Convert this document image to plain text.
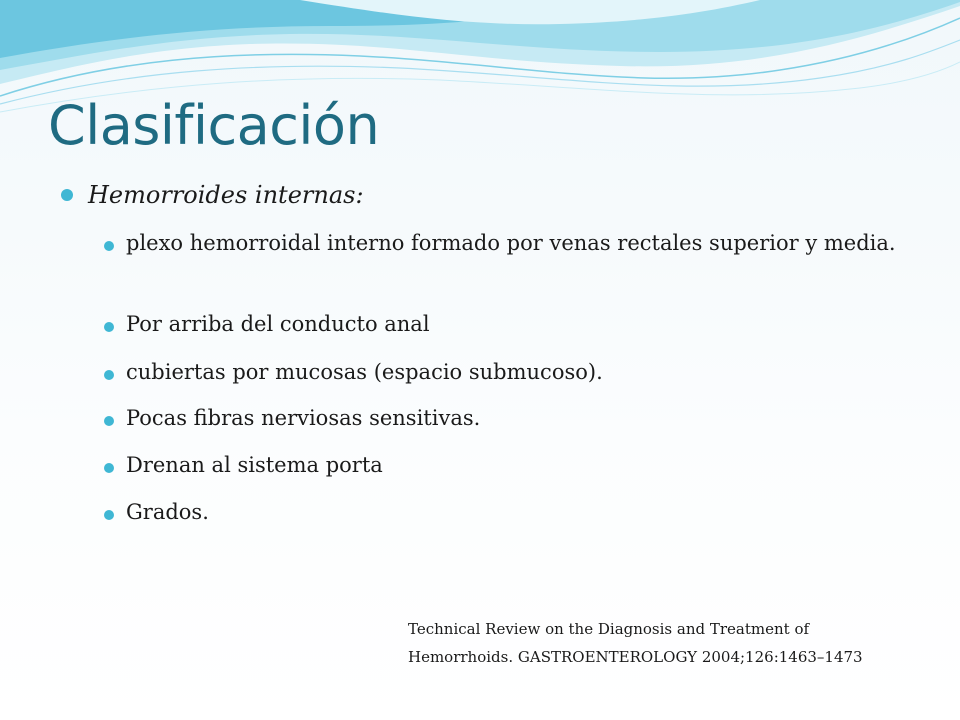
Clasificación
Hemorroides internas:
plexo hemorroidal interno formado por venas rectales superior y media.
Por arriba del conducto anal
cubiertas por mucosas (espacio submucoso).
Pocas fibras nerviosas sensitivas.
Drenan al sistema porta
Grados.
Technical Review on the Diagnosis and Treatment of Hemorrhoids. GASTROENTEROLOGY 2004;126:1463–1473
